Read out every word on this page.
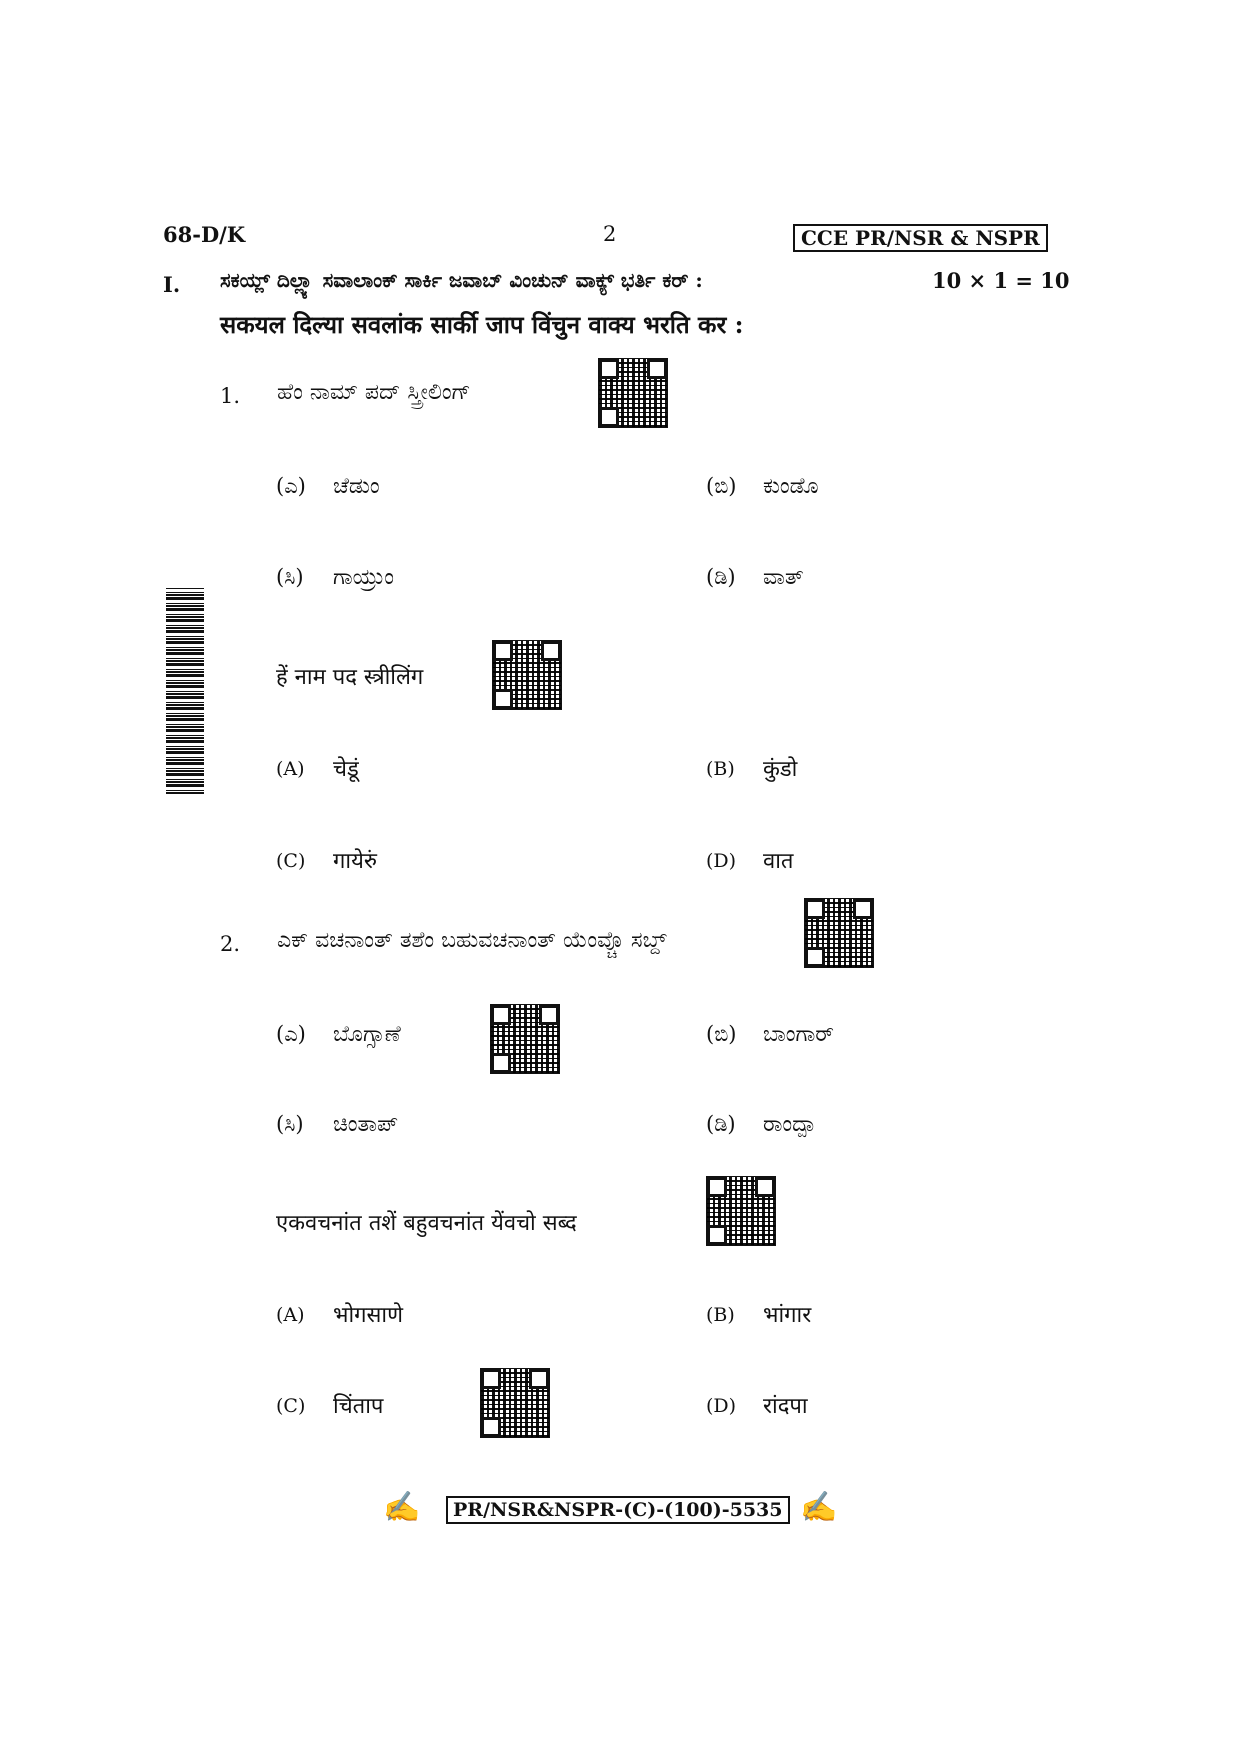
68-D/K	2	CCE PR/NSR & NSPR
I. ಸಕಯ್ಲ್ ದಿಲ್ಲ್ಯಾ ಸವಾಲಾಂಕ್ ಸಾರ್ಕಿ ಜವಾಬ್ ವಿಂಚುನ್ ವಾಕ್ಯ್ ಭರ್ತಿ ಕರ್ :	10 × 1 = 10
सकयल दिल्या सवलांक सार्की जाप विंचुन वाक्य भरति कर :
1. ಹೆಂ ನಾಮ್ ಪದ್ ಸ್ತ್ರೀಲಿಂಗ್
(ಎ) ಚೆಡುಂ	(ಬಿ) ಕುಂಡೊ
(ಸಿ) ಗಾಯ್ರುಂ	(ಡಿ) ವಾತ್
हें नाम पद स्त्रीलिंग
(A) चेडूं	(B) कुंडो
(C) गायेरुं	(D) वात
2. ಎಕ್ ವಚನಾಂತ್ ತಶೆಂ ಬಹುವಚನಾಂತ್ ಯೆಂವ್ಚೊ ಸಬ್ದ್
(ಎ) ಬೊಗ್ಸಾಣೆ	(ಬಿ) ಬಾಂಗಾರ್
(ಸಿ) ಚಿಂತಾಪ್	(ಡಿ) ರಾಂದ್ಪಾ
एकवचनांत तशें बहुवचनांत येंवचो सब्द
(A) भोगसाणे	(B) भांगार
(C) चिंताप	(D) रांदपा
✍	PR/NSR&NSPR-(C)-(100)-5535 ✍
